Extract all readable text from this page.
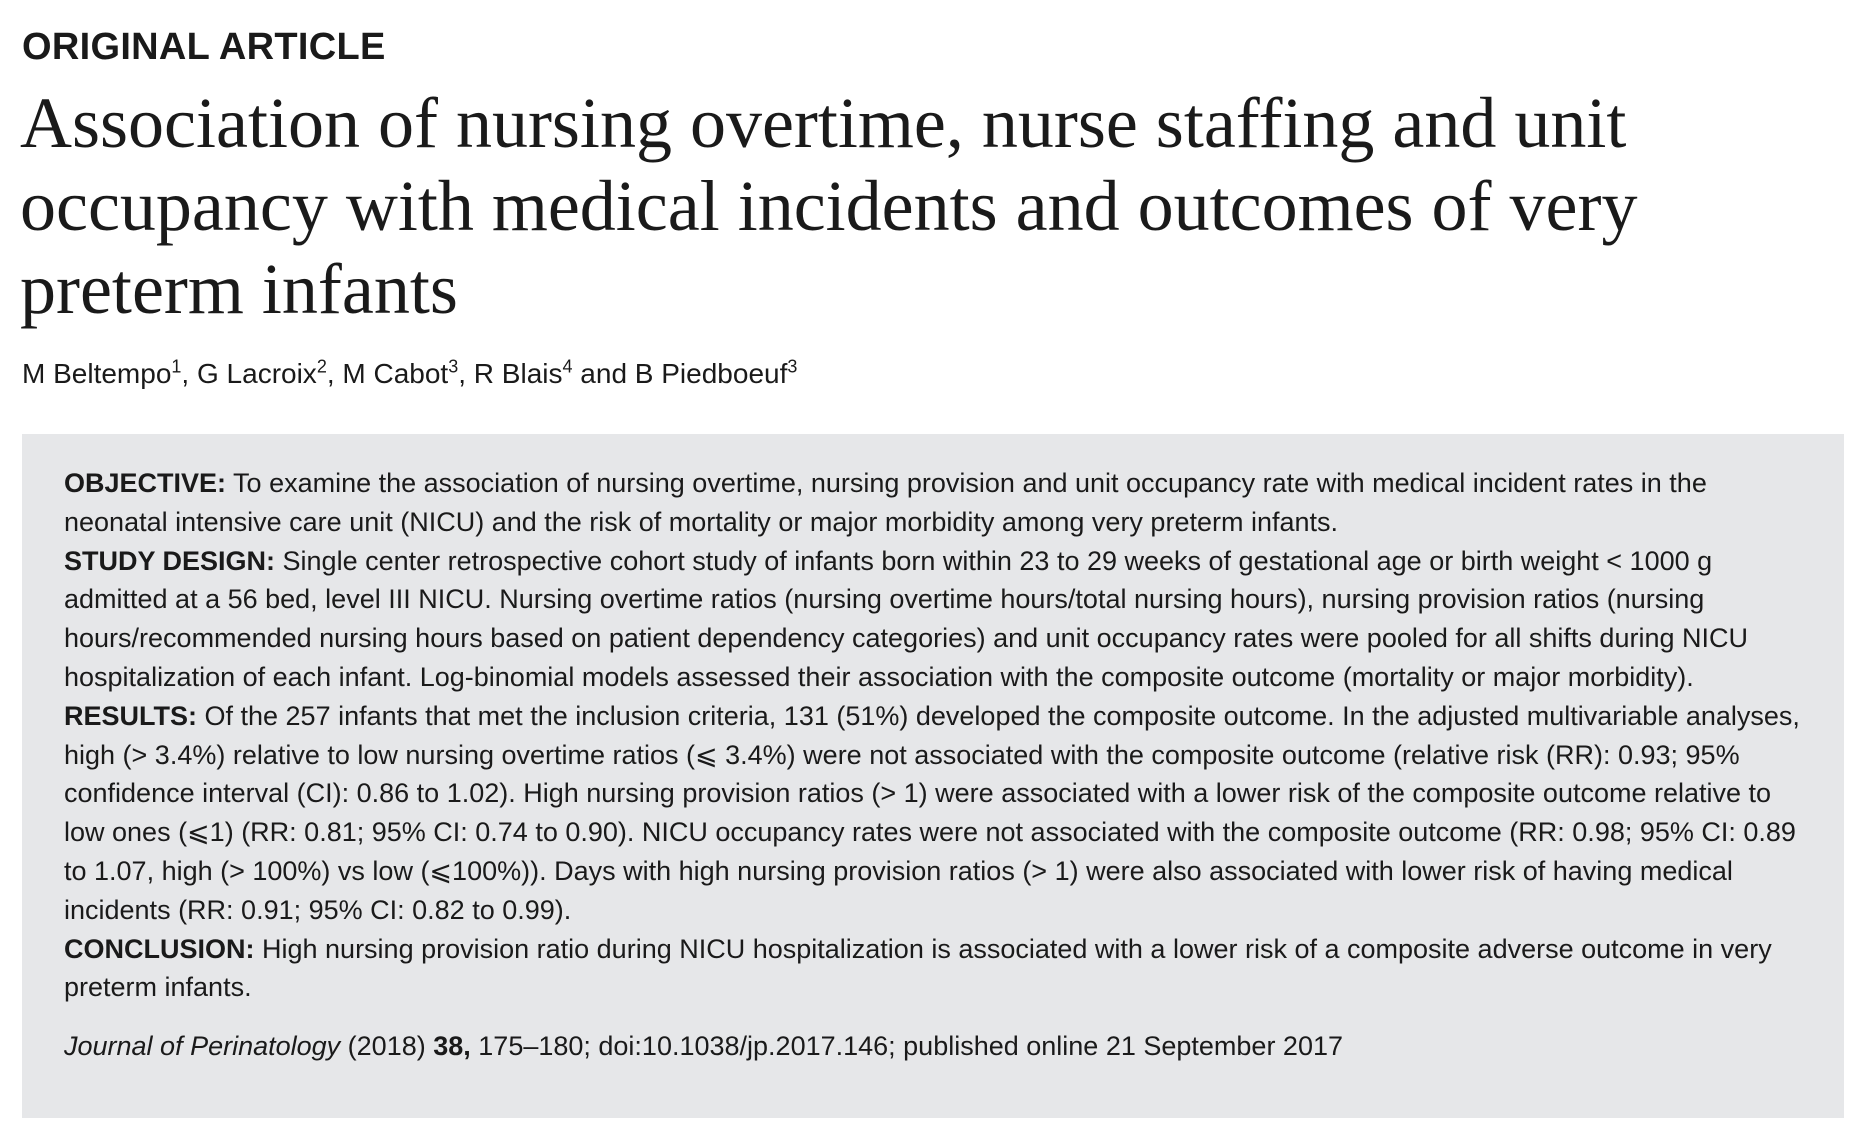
ORIGINAL ARTICLE
Association of nursing overtime, nurse staffing and unit occupancy with medical incidents and outcomes of very preterm infants
M Beltempo$^1$, G Lacroix$^2$, M Cabot$^3$, R Blais$^4$ and B Piedboeuf$^3$

OBJECTIVE: To examine the association of nursing overtime, nursing provision and unit occupancy rate with medical incident rates in the neonatal intensive care unit (NICU) and the risk of mortality or major morbidity among very preterm infants.

STUDY DESIGN: Single center retrospective cohort study of infants born within 23 to 29 weeks of gestational age or birth weight < 1000 g admitted at a 56 bed, level III NICU. Nursing overtime ratios (nursing overtime hours/total nursing hours), nursing provision ratios (nursing hours/recommended nursing hours based on patient dependency categories) and unit occupancy rates were pooled for all shifts during NICU hospitalization of each infant. Log-binomial models assessed their association with the composite outcome (mortality or major morbidity).

RESULTS: Of the 257 infants that met the inclusion criteria, 131 (51%) developed the composite outcome. In the adjusted multivariable analyses, high (> 3.4%) relative to low nursing overtime ratios (⩽ 3.4%) were not associated with the composite outcome (relative risk (RR): 0.93; 95% confidence interval (CI): 0.86 to 1.02). High nursing provision ratios (> 1) were associated with a lower risk of the composite outcome relative to low ones (⩽1) (RR: 0.81; 95% CI: 0.74 to 0.90). NICU occupancy rates were not associated with the composite outcome (RR: 0.98; 95% CI: 0.89 to 1.07, high (> 100%) vs low (⩽100%)). Days with high nursing provision ratios (> 1) were also associated with lower risk of having medical incidents (RR: 0.91; 95% CI: 0.82 to 0.99).

CONCLUSION: High nursing provision ratio during NICU hospitalization is associated with a lower risk of a composite adverse outcome in very preterm infants.

Journal of Perinatology (2018) 38, 175–180; doi:10.1038/jp.2017.146; published online 21 September 2017
